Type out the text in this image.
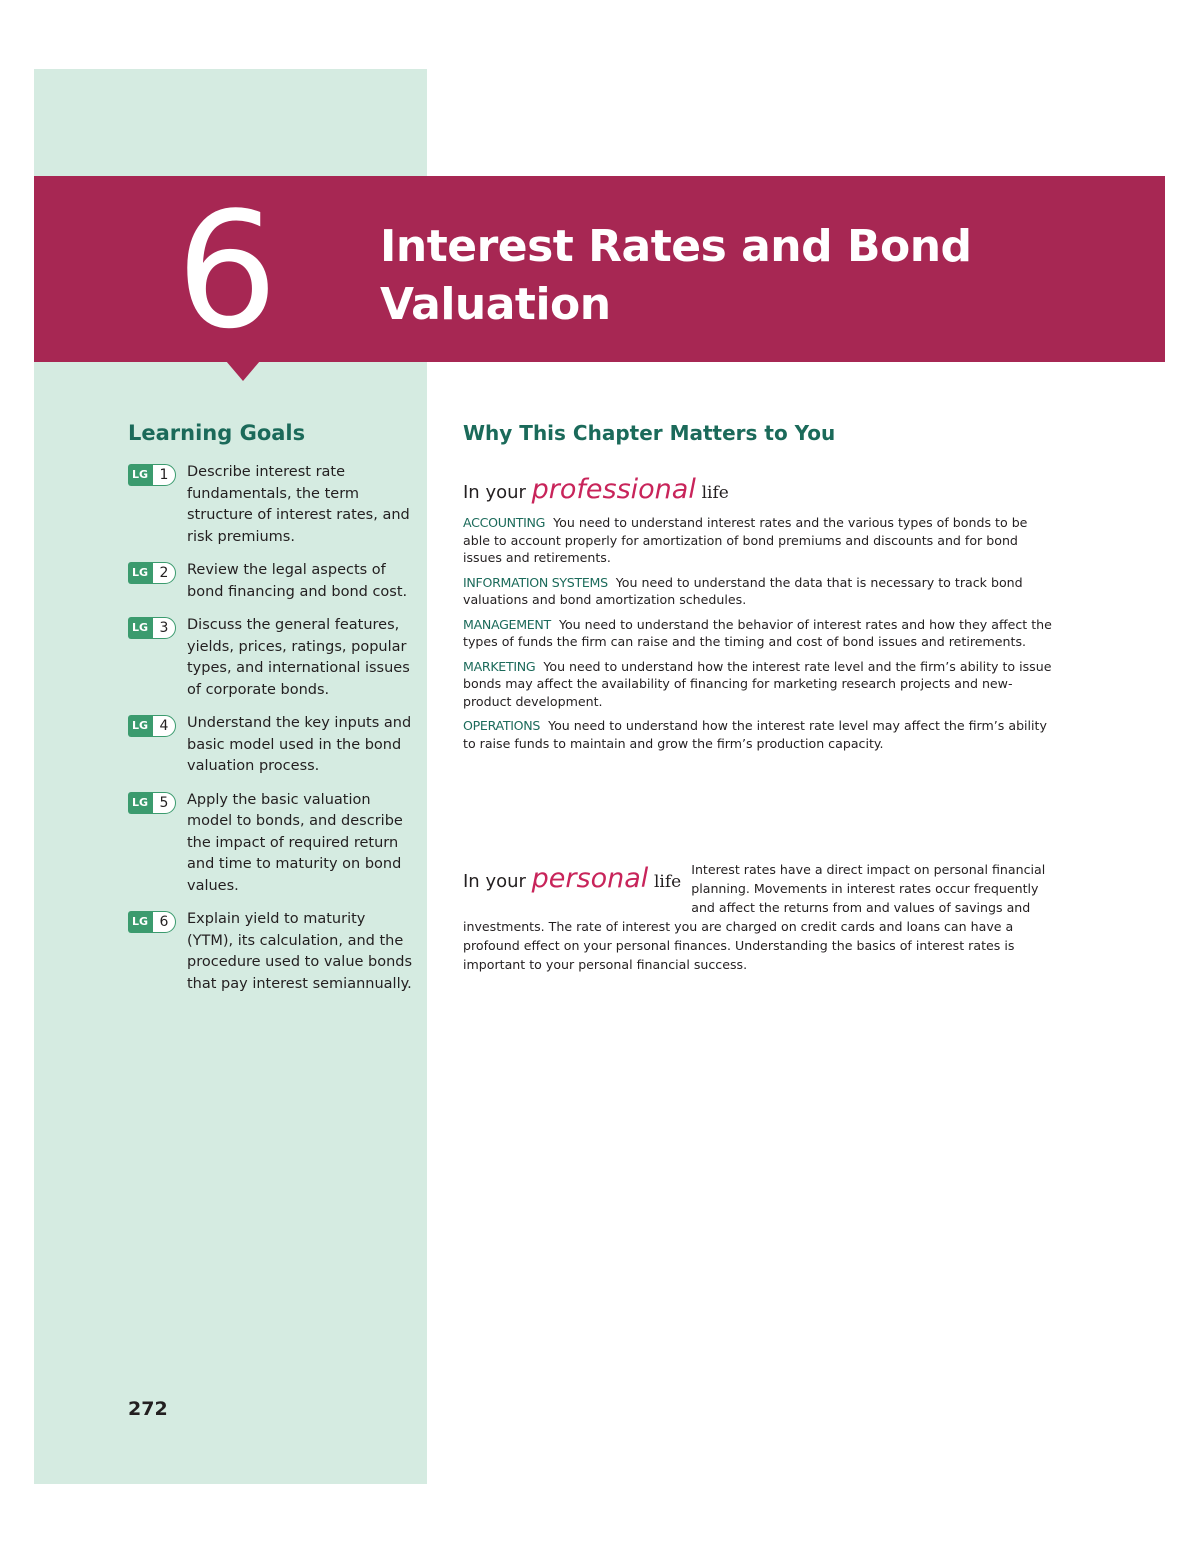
6 Interest Rates and Bond
Valuation
Learning Goals
LG 1	Describe interest rate fundamentals, the term structure of interest rates, and risk premiums.
LG 2	Review the legal aspects of bond financing and bond cost.
LG 3	Discuss the general features, yields, prices, ratings, popular types, and international issues of corporate bonds.
LG 4	Understand the key inputs and basic model used in the bond valuation process.
LG 5	Apply the basic valuation model to bonds, and describe the impact of required return and time to maturity on bond values.
LG 6	Explain yield to maturity (YTM), its calculation, and the procedure used to value bonds that pay interest semiannually.
272
Why This Chapter Matters to You
In your professional life

ACCOUNTING You need to understand interest rates and the various types of bonds to be able to account properly for amortization of bond premiums and discounts and for bond issues and retirements.

INFORMATION SYSTEMS You need to understand the data that is necessary to track bond valuations and bond amortization schedules.

MANAGEMENT You need to understand the behavior of interest rates and how they affect the types of funds the firm can raise and the timing and cost of bond issues and retirements.

MARKETING You need to understand how the interest rate level and the firm’s ability to issue bonds may affect the availability of financing for marketing research projects and new-product development.

OPERATIONS You need to understand how the interest rate level may affect the firm’s ability to raise funds to maintain and grow the firm’s production capacity.

In your personal life

Interest rates have a direct impact on personal financial planning. Movements in interest rates occur frequently and affect the returns from and values of savings and investments. The rate of interest you are charged on credit cards and loans can have a profound effect on your personal finances. Understanding the basics of interest rates is important to your personal financial success.
